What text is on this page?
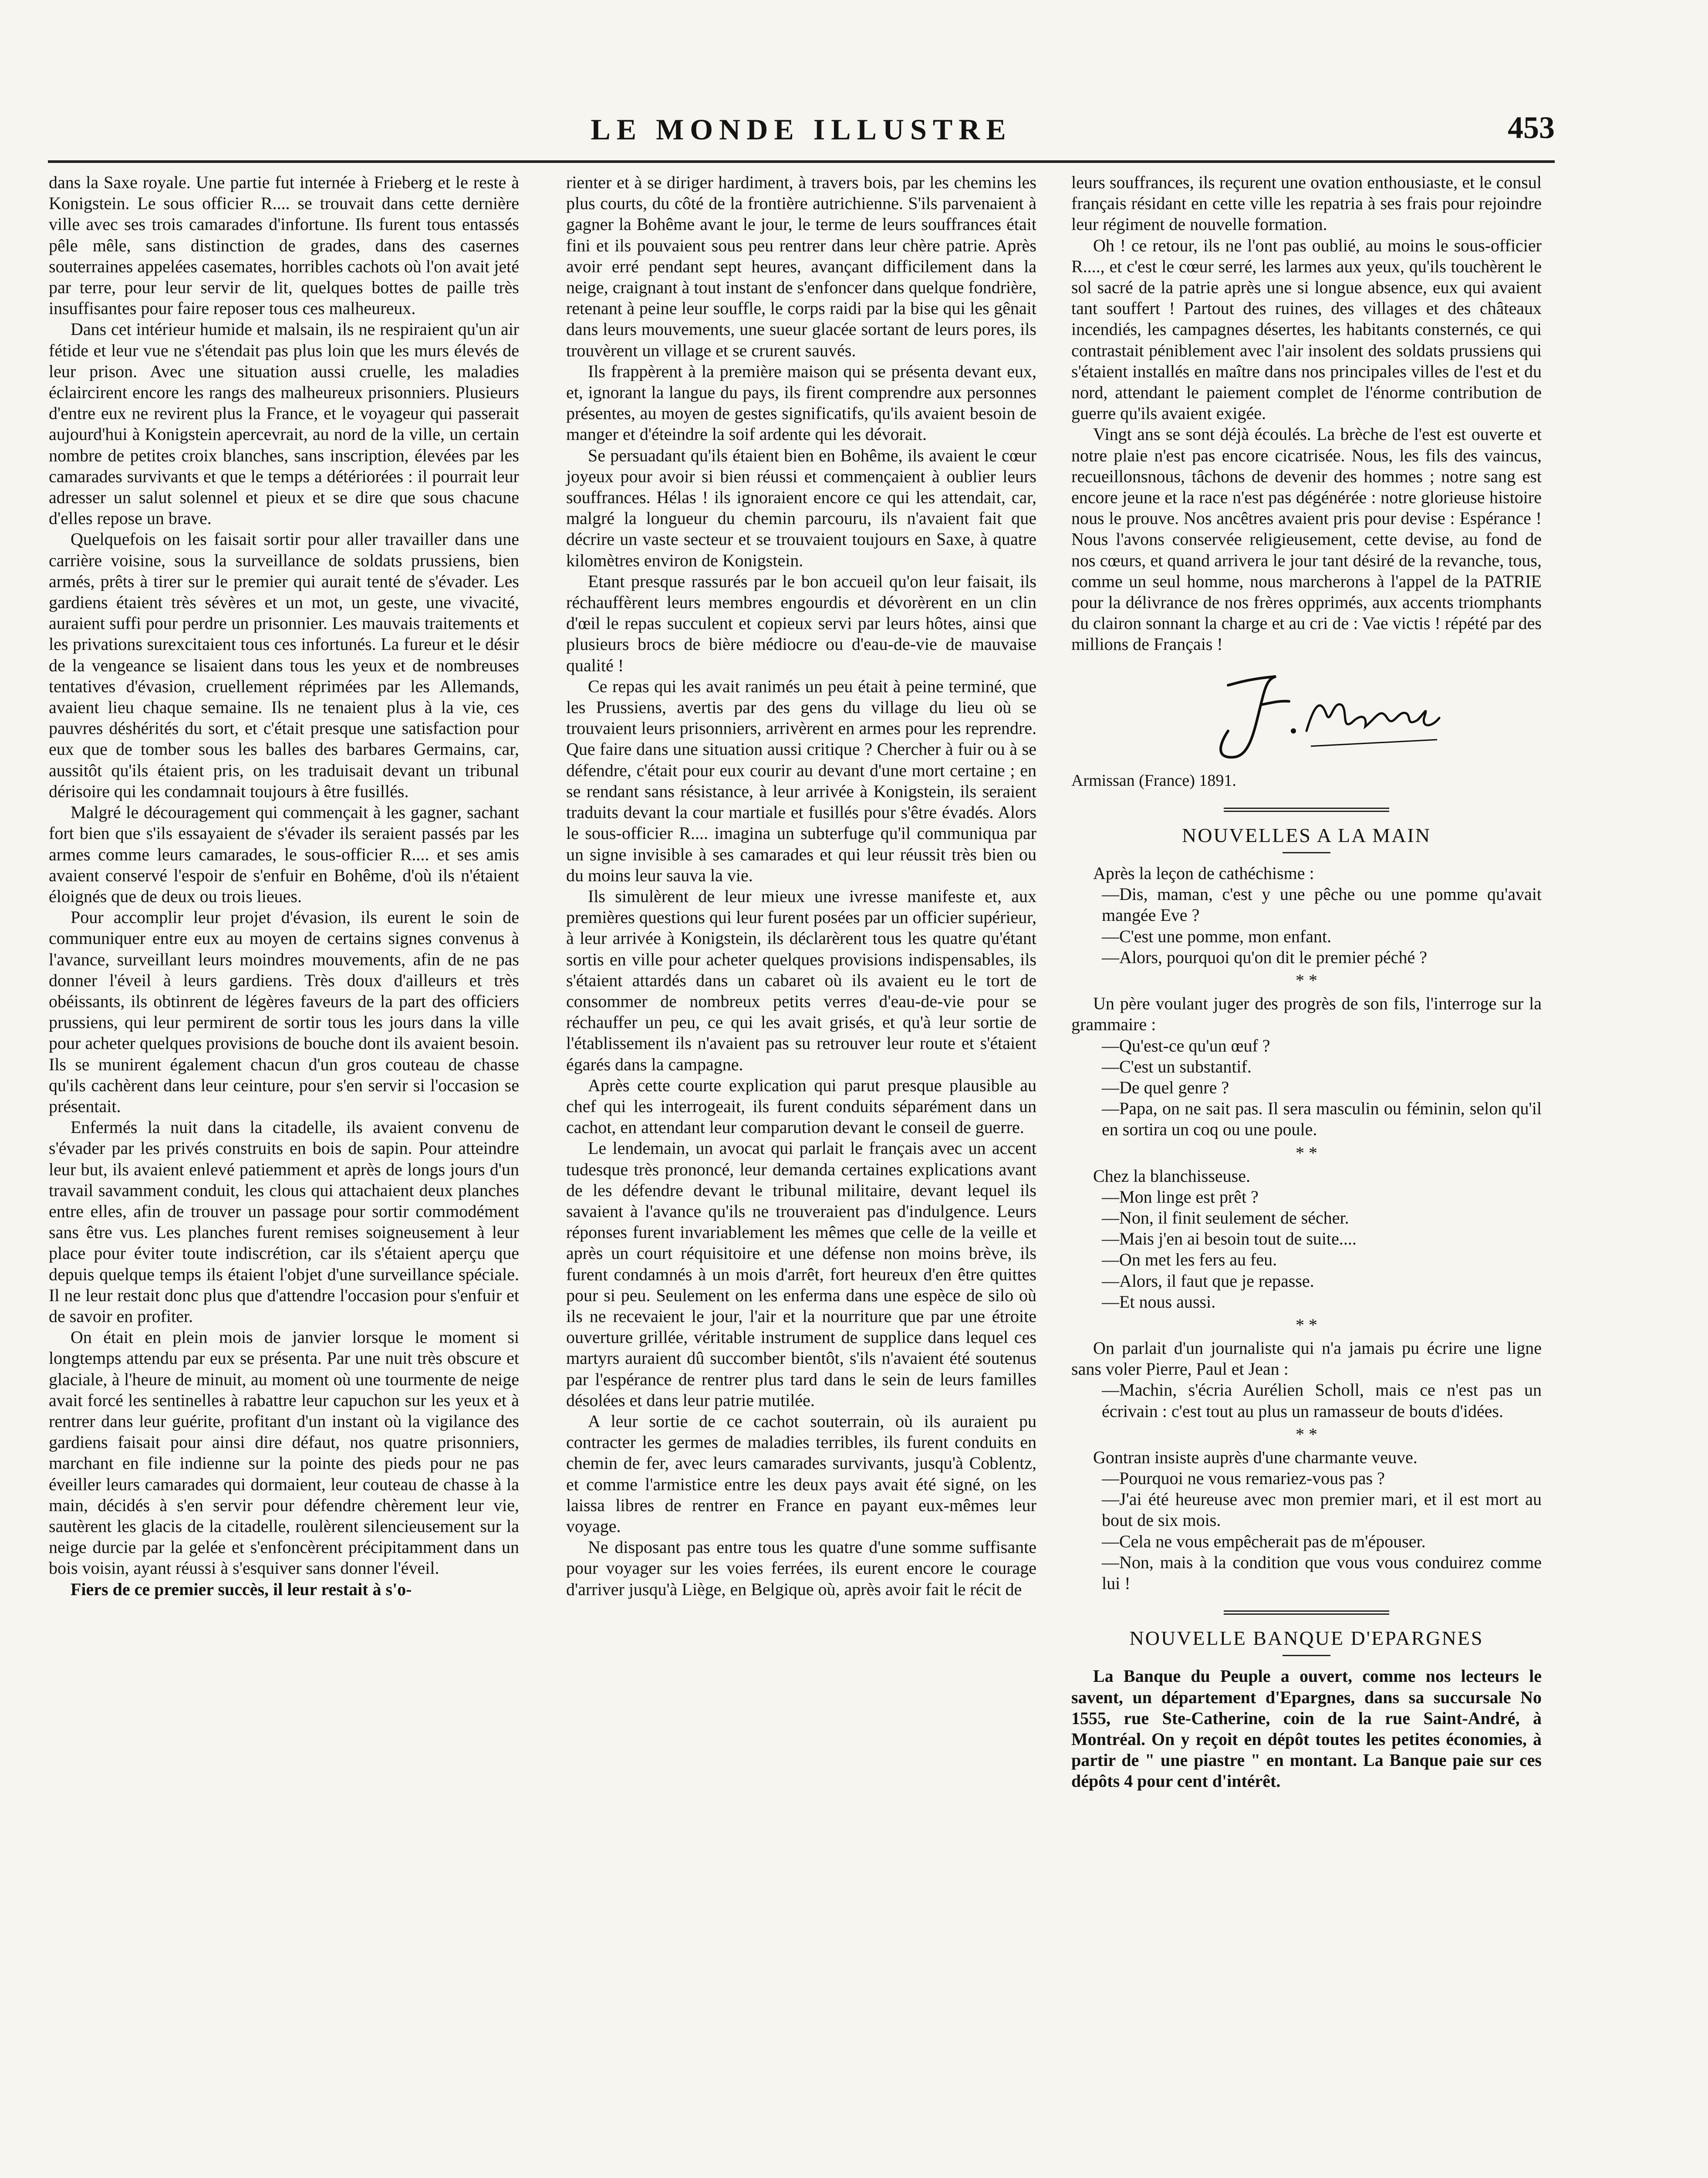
LE MONDE ILLUSTRE	453

dans la Saxe royale. Une partie fut internée à Frieberg et le reste à Konigstein. Le sous officier R.... se trouvait dans cette dernière ville avec ses trois camarades d'infortune. Ils furent tous entassés pêle mêle, sans distinction de grades, dans des casernes souterraines appelées casemates, horribles cachots où l'on avait jeté par terre, pour leur servir de lit, quelques bottes de paille très insuffisantes pour faire reposer tous ces malheureux.

Dans cet intérieur humide et malsain, ils ne respiraient qu'un air fétide et leur vue ne s'étendait pas plus loin que les murs élevés de leur prison. Avec une situation aussi cruelle, les maladies éclaircirent encore les rangs des malheureux prisonniers. Plusieurs d'entre eux ne revirent plus la France, et le voyageur qui passerait aujourd'hui à Konigstein apercevrait, au nord de la ville, un certain nombre de petites croix blanches, sans inscription, élevées par les camarades survivants et que le temps a détériorées : il pourrait leur adresser un salut solennel et pieux et se dire que sous chacune d'elles repose un brave.

Quelquefois on les faisait sortir pour aller travailler dans une carrière voisine, sous la surveillance de soldats prussiens, bien armés, prêts à tirer sur le premier qui aurait tenté de s'évader. Les gardiens étaient très sévères et un mot, un geste, une vivacité, auraient suffi pour perdre un prisonnier. Les mauvais traitements et les privations surexcitaient tous ces infortunés. La fureur et le désir de la vengeance se lisaient dans tous les yeux et de nombreuses tentatives d'évasion, cruellement réprimées par les Allemands, avaient lieu chaque semaine. Ils ne tenaient plus à la vie, ces pauvres déshérités du sort, et c'était presque une satisfaction pour eux que de tomber sous les balles des barbares Germains, car, aussitôt qu'ils étaient pris, on les traduisait devant un tribunal dérisoire qui les condamnait toujours à être fusillés.

Malgré le découragement qui commençait à les gagner, sachant fort bien que s'ils essayaient de s'évader ils seraient passés par les armes comme leurs camarades, le sous-officier R.... et ses amis avaient conservé l'espoir de s'enfuir en Bohême, d'où ils n'étaient éloignés que de deux ou trois lieues.

Pour accomplir leur projet d'évasion, ils eurent le soin de communiquer entre eux au moyen de certains signes convenus à l'avance, surveillant leurs moindres mouvements, afin de ne pas donner l'éveil à leurs gardiens. Très doux d'ailleurs et très obéissants, ils obtinrent de légères faveurs de la part des officiers prussiens, qui leur permirent de sortir tous les jours dans la ville pour acheter quelques provisions de bouche dont ils avaient besoin. Ils se munirent également chacun d'un gros couteau de chasse qu'ils cachèrent dans leur ceinture, pour s'en servir si l'occasion se présentait.

Enfermés la nuit dans la citadelle, ils avaient convenu de s'évader par les privés construits en bois de sapin. Pour atteindre leur but, ils avaient enlevé patiemment et après de longs jours d'un travail savamment conduit, les clous qui attachaient deux planches entre elles, afin de trouver un passage pour sortir commodément sans être vus. Les planches furent remises soigneusement à leur place pour éviter toute indiscrétion, car ils s'étaient aperçu que depuis quelque temps ils étaient l'objet d'une surveillance spéciale. Il ne leur restait donc plus que d'attendre l'occasion pour s'enfuir et de savoir en profiter.

On était en plein mois de janvier lorsque le moment si longtemps attendu par eux se présenta. Par une nuit très obscure et glaciale, à l'heure de minuit, au moment où une tourmente de neige avait forcé les sentinelles à rabattre leur capuchon sur les yeux et à rentrer dans leur guérite, profitant d'un instant où la vigilance des gardiens faisait pour ainsi dire défaut, nos quatre prisonniers, marchant en file indienne sur la pointe des pieds pour ne pas éveiller leurs camarades qui dormaient, leur couteau de chasse à la main, décidés à s'en servir pour défendre chèrement leur vie, sautèrent les glacis de la citadelle, roulèrent silencieusement sur la neige durcie par la gelée et s'enfoncèrent précipitamment dans un bois voisin, ayant réussi à s'esquiver sans donner l'éveil.

Fiers de ce premier succès, il leur restait à s'o-

rienter et à se diriger hardiment, à travers bois, par les chemins les plus courts, du côté de la frontière autrichienne. S'ils parvenaient à gagner la Bohême avant le jour, le terme de leurs souffrances était fini et ils pouvaient sous peu rentrer dans leur chère patrie. Après avoir erré pendant sept heures, avançant difficilement dans la neige, craignant à tout instant de s'enfoncer dans quelque fondrière, retenant à peine leur souffle, le corps raidi par la bise qui les gênait dans leurs mouvements, une sueur glacée sortant de leurs pores, ils trouvèrent un village et se crurent sauvés.

Ils frappèrent à la première maison qui se présenta devant eux, et, ignorant la langue du pays, ils firent comprendre aux personnes présentes, au moyen de gestes significatifs, qu'ils avaient besoin de manger et d'éteindre la soif ardente qui les dévorait.

Se persuadant qu'ils étaient bien en Bohême, ils avaient le cœur joyeux pour avoir si bien réussi et commençaient à oublier leurs souffrances. Hélas ! ils ignoraient encore ce qui les attendait, car, malgré la longueur du chemin parcouru, ils n'avaient fait que décrire un vaste secteur et se trouvaient toujours en Saxe, à quatre kilomètres environ de Konigstein.

Etant presque rassurés par le bon accueil qu'on leur faisait, ils réchauffèrent leurs membres engourdis et dévorèrent en un clin d'œil le repas succulent et copieux servi par leurs hôtes, ainsi que plusieurs brocs de bière médiocre ou d'eau-de-vie de mauvaise qualité !

Ce repas qui les avait ranimés un peu était à peine terminé, que les Prussiens, avertis par des gens du village du lieu où se trouvaient leurs prisonniers, arrivèrent en armes pour les reprendre. Que faire dans une situation aussi critique ? Chercher à fuir ou à se défendre, c'était pour eux courir au devant d'une mort certaine ; en se rendant sans résistance, à leur arrivée à Konigstein, ils seraient traduits devant la cour martiale et fusillés pour s'être évadés. Alors le sous-officier R.... imagina un subterfuge qu'il communiqua par un signe invisible à ses camarades et qui leur réussit très bien ou du moins leur sauva la vie.

Ils simulèrent de leur mieux une ivresse manifeste et, aux premières questions qui leur furent posées par un officier supérieur, à leur arrivée à Konigstein, ils déclarèrent tous les quatre qu'étant sortis en ville pour acheter quelques provisions indispensables, ils s'étaient attardés dans un cabaret où ils avaient eu le tort de consommer de nombreux petits verres d'eau-de-vie pour se réchauffer un peu, ce qui les avait grisés, et qu'à leur sortie de l'établissement ils n'avaient pas su retrouver leur route et s'étaient égarés dans la campagne.

Après cette courte explication qui parut presque plausible au chef qui les interrogeait, ils furent conduits séparément dans un cachot, en attendant leur comparution devant le conseil de guerre.

Le lendemain, un avocat qui parlait le français avec un accent tudesque très prononcé, leur demanda certaines explications avant de les défendre devant le tribunal militaire, devant lequel ils savaient à l'avance qu'ils ne trouveraient pas d'indulgence. Leurs réponses furent invariablement les mêmes que celle de la veille et après un court réquisitoire et une défense non moins brève, ils furent condamnés à un mois d'arrêt, fort heureux d'en être quittes pour si peu. Seulement on les enferma dans une espèce de silo où ils ne recevaient le jour, l'air et la nourriture que par une étroite ouverture grillée, véritable instrument de supplice dans lequel ces martyrs auraient dû succomber bientôt, s'ils n'avaient été soutenus par l'espérance de rentrer plus tard dans le sein de leurs familles désolées et dans leur patrie mutilée.

A leur sortie de ce cachot souterrain, où ils auraient pu contracter les germes de maladies terribles, ils furent conduits en chemin de fer, avec leurs camarades survivants, jusqu'à Coblentz, et comme l'armistice entre les deux pays avait été signé, on les laissa libres de rentrer en France en payant eux-mêmes leur voyage.

Ne disposant pas entre tous les quatre d'une somme suffisante pour voyager sur les voies ferrées, ils eurent encore le courage d'arriver jusqu'à Liège, en Belgique où, après avoir fait le récit de

leurs souffrances, ils reçurent une ovation enthousiaste, et le consul français résidant en cette ville les repatria à ses frais pour rejoindre leur régiment de nouvelle formation.

Oh ! ce retour, ils ne l'ont pas oublié, au moins le sous-officier R...., et c'est le cœur serré, les larmes aux yeux, qu'ils touchèrent le sol sacré de la patrie après une si longue absence, eux qui avaient tant souffert ! Partout des ruines, des villages et des châteaux incendiés, les campagnes désertes, les habitants consternés, ce qui contrastait péniblement avec l'air insolent des soldats prussiens qui s'étaient installés en maître dans nos principales villes de l'est et du nord, attendant le paiement complet de l'énorme contribution de guerre qu'ils avaient exigée.

Vingt ans se sont déjà écoulés. La brèche de l'est est ouverte et notre plaie n'est pas encore cicatrisée. Nous, les fils des vaincus, recueillonsnous, tâchons de devenir des hommes ; notre sang est encore jeune et la race n'est pas dégénérée : notre glorieuse histoire nous le prouve. Nos ancêtres avaient pris pour devise : Espérance ! Nous l'avons conservée religieusement, cette devise, au fond de nos cœurs, et quand arrivera le jour tant désiré de la revanche, tous, comme un seul homme, nous marcherons à l'appel de la PATRIE pour la délivrance de nos frères opprimés, aux accents triomphants du clairon sonnant la charge et au cri de : Vae victis ! répété par des millions de Français !

Armissan (France) 1891.

NOUVELLES A LA MAIN

Après la leçon de cathéchisme :

—Dis, maman, c'est y une pêche ou une pomme qu'avait mangée Eve ?

—C'est une pomme, mon enfant.

—Alors, pourquoi qu'on dit le premier péché ?

* *

Un père voulant juger des progrès de son fils, l'interroge sur la grammaire :

—Qu'est-ce qu'un œuf ?

—C'est un substantif.

—De quel genre ?

—Papa, on ne sait pas. Il sera masculin ou féminin, selon qu'il en sortira un coq ou une poule.

* *

Chez la blanchisseuse.

—Mon linge est prêt ?

—Non, il finit seulement de sécher.

—Mais j'en ai besoin tout de suite....

—On met les fers au feu.

—Alors, il faut que je repasse.

—Et nous aussi.

* *

On parlait d'un journaliste qui n'a jamais pu écrire une ligne sans voler Pierre, Paul et Jean :

—Machin, s'écria Aurélien Scholl, mais ce n'est pas un écrivain : c'est tout au plus un ramasseur de bouts d'idées.

* *

Gontran insiste auprès d'une charmante veuve.

—Pourquoi ne vous remariez-vous pas ?

—J'ai été heureuse avec mon premier mari, et il est mort au bout de six mois.

—Cela ne vous empêcherait pas de m'épouser.

—Non, mais à la condition que vous vous conduirez comme lui !

NOUVELLE BANQUE D'EPARGNES

La Banque du Peuple a ouvert, comme nos lecteurs le savent, un département d'Epargnes, dans sa succursale No 1555, rue Ste-Catherine, coin de la rue Saint-André, à Montréal. On y reçoit en dépôt toutes les petites économies, à partir de " une piastre " en montant. La Banque paie sur ces dépôts 4 pour cent d'intérêt.
